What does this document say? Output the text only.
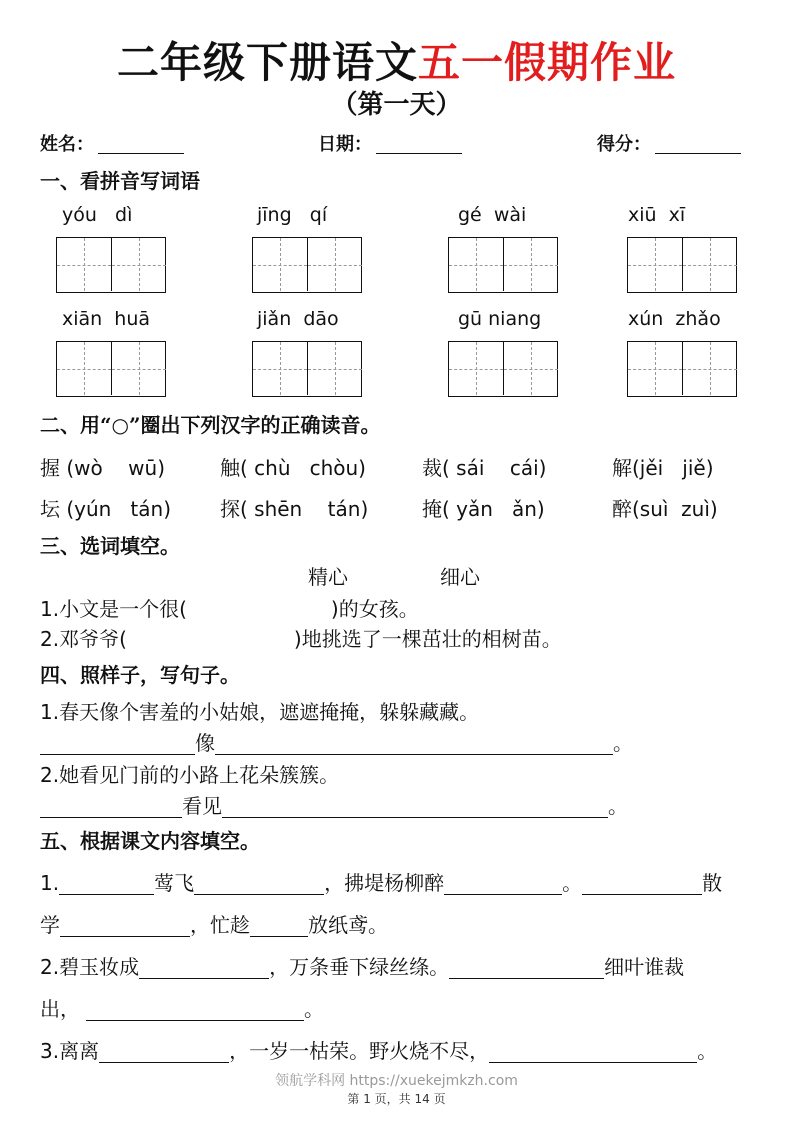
二年级下册语文五一假期作业
（第一天）
姓名：	日期：	得分：
一、看拼音写词语
yóu   dì	jīng   qí	gé  wài	xiū  xī
xiān  huā	jiǎn  dāo	gū niang	xún  zhǎo
二、用“○”圈出下列汉字的正确读音。
握 (wò    wū)	触( chù   chòu)	裁( sái    cái)	解(jěi   jiě)
坛 (yún   tán) 探( shēn    tán)	掩( yǎn   ǎn)	醉(suì  zuì)
三、选词填空。
精心	细心
1.小文是一个很(	)的女孩。
2.邓爷爷(	)地挑选了一棵茁壮的相树苗。
四、照样子，写句子。
1.春天像个害羞的小姑娘，遮遮掩掩，躲躲藏藏。
像	。
2.她看见门前的小路上花朵簇簇。
看见	。
五、根据课文内容填空。
1.	莺飞	，拂堤杨柳醉	。	散
学	，忙趁	放纸鸢。
2.碧玉妆成	，万条垂下绿丝绦。	细叶谁裁
出，	。
3.离离	，一岁一枯荣。野火烧不尽，	。
领航学科网 https://xuekejmkzh.com
第 1 页，共 14 页
